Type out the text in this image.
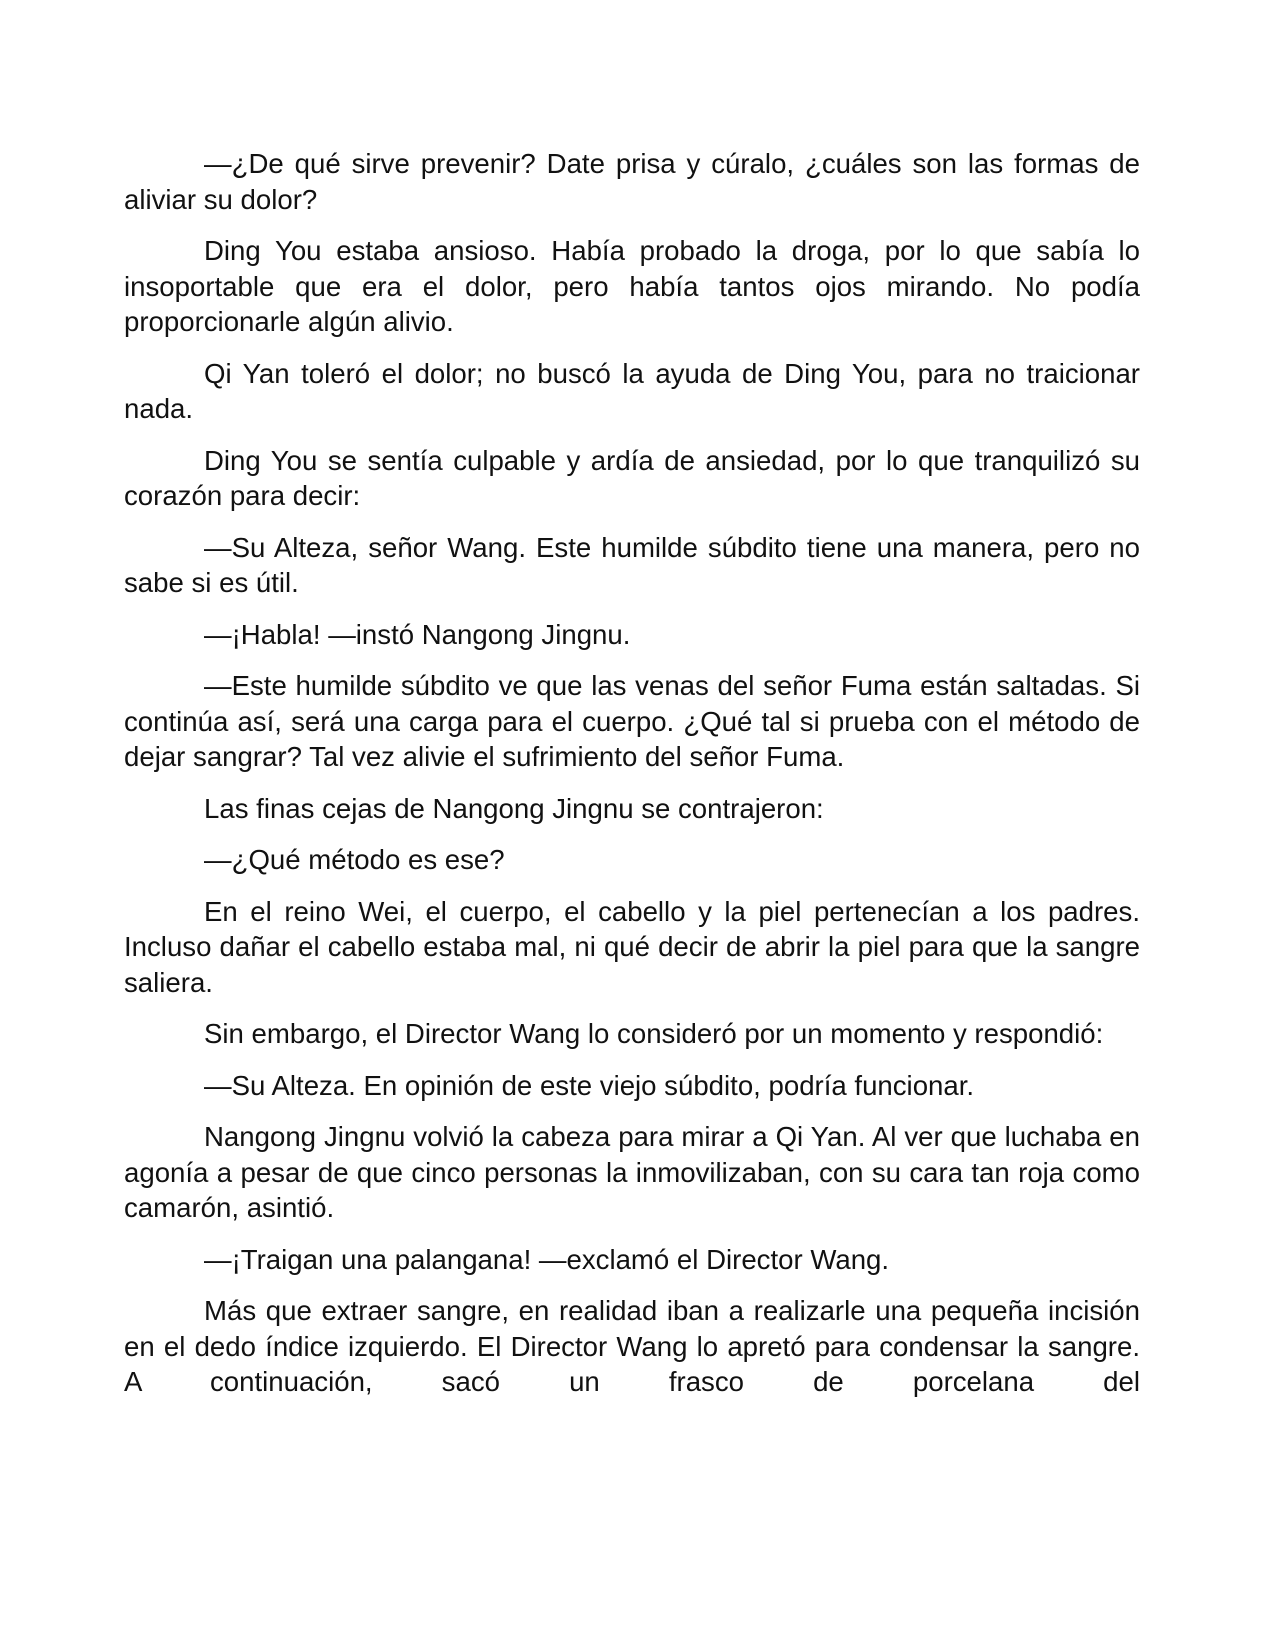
—¿De qué sirve prevenir? Date prisa y cúralo, ¿cuáles son las formas de aliviar su dolor?

Ding You estaba ansioso. Había probado la droga, por lo que sabía lo insoportable que era el dolor, pero había tantos ojos mirando. No podía proporcionarle algún alivio.

Qi Yan toleró el dolor; no buscó la ayuda de Ding You, para no traicionar nada.

Ding You se sentía culpable y ardía de ansiedad, por lo que tranquilizó su corazón para decir:

—Su Alteza, señor Wang. Este humilde súbdito tiene una manera, pero no sabe si es útil.

—¡Habla! —instó Nangong Jingnu.

—Este humilde súbdito ve que las venas del señor Fuma están saltadas. Si continúa así, será una carga para el cuerpo. ¿Qué tal si prueba con el método de dejar sangrar? Tal vez alivie el sufrimiento del señor Fuma.

Las finas cejas de Nangong Jingnu se contrajeron:

—¿Qué método es ese?

En el reino Wei, el cuerpo, el cabello y la piel pertenecían a los padres. Incluso dañar el cabello estaba mal, ni qué decir de abrir la piel para que la sangre saliera.

Sin embargo, el Director Wang lo consideró por un momento y respondió:

—Su Alteza. En opinión de este viejo súbdito, podría funcionar.

Nangong Jingnu volvió la cabeza para mirar a Qi Yan. Al ver que luchaba en agonía a pesar de que cinco personas la inmovilizaban, con su cara tan roja como camarón, asintió.

—¡Traigan una palangana! —exclamó el Director Wang.

Más que extraer sangre, en realidad iban a realizarle una pequeña incisión en el dedo índice izquierdo. El Director Wang lo apretó para condensar la sangre. A continuación, sacó un frasco de porcelana del
